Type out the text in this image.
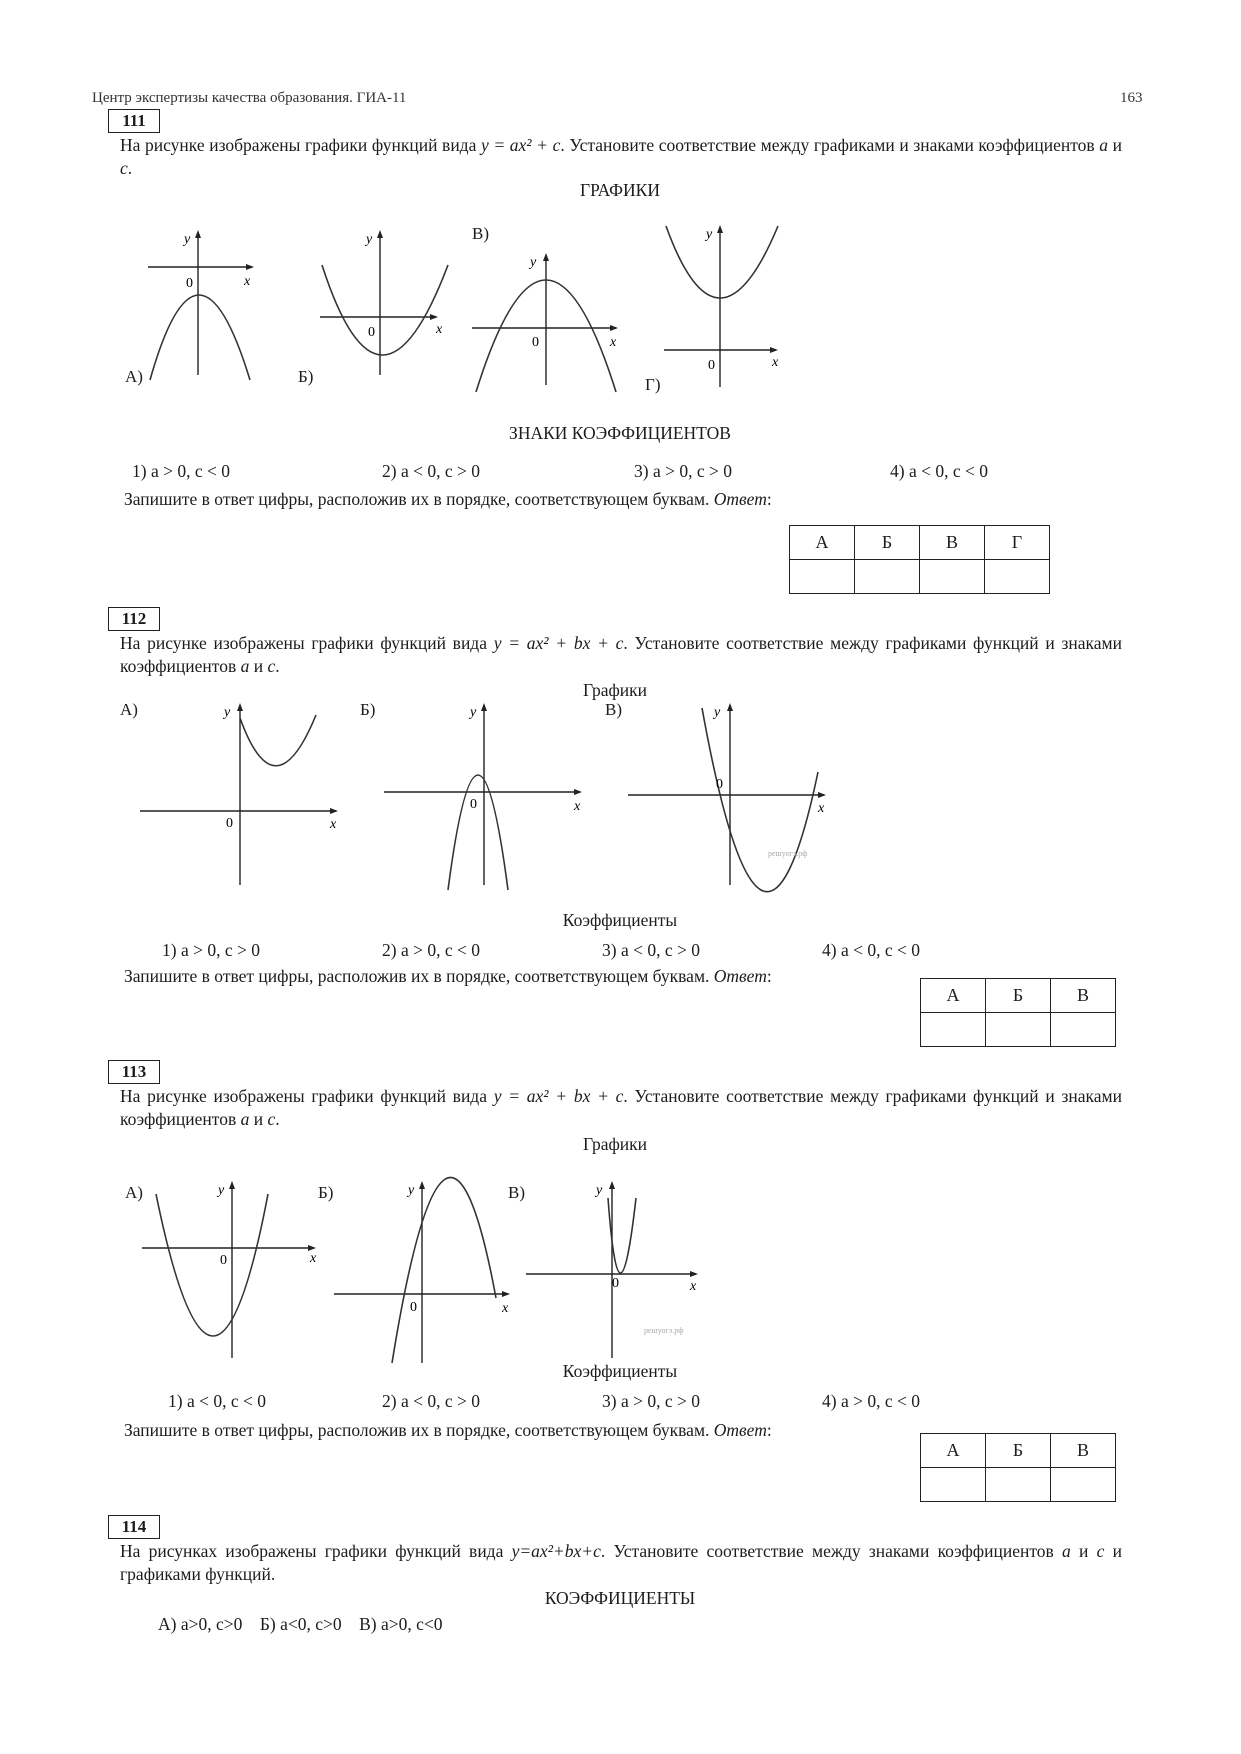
Центр экспертизы качества образования. ГИА-11	163
111
На рисунке изображены графики функций вида y = ax² + c. Установите соответствие между графиками и знаками коэффициентов a и c.
ГРАФИКИ
0	x
y
А)
0	x
y
Б)
0	x
y
В)
0	x
y
Г)
ЗНАКИ КОЭФФИЦИЕНТОВ
1) a > 0, c < 0	2) a < 0, c > 0	3) a > 0, c > 0	4) a < 0, c < 0
Запишите в ответ цифры, расположив их в порядке, соответствующем буквам. Ответ:
А	Б	В	Г

112
На рисунке изображены графики функций вида y = ax² + bx + c. Установите соответствие между графиками функций и знаками коэффициентов a и c.
Графики
А)
0	x
y	Б)
0	x
y	В)
0
x
y
решуогэ.рф
Коэффициенты
1) a > 0, c > 0	2) a > 0, c < 0	3) a < 0, c > 0	4) a < 0, c < 0
Запишите в ответ цифры, расположив их в порядке, соответствующем буквам. Ответ:
А	Б	В

113
На рисунке изображены графики функций вида y = ax² + bx + c. Установите соответствие между графиками функций и знаками коэффициентов a и c.
Графики
А)
0	x
y	Б)
0	x
y	В)
0	x
y
решуогэ.рф
Коэффициенты
1) a < 0, c < 0	2) a < 0, c > 0	3) a > 0, c > 0	4) a > 0, c < 0
Запишите в ответ цифры, расположив их в порядке, соответствующем буквам. Ответ:
А	Б	В

114
На рисунках изображены графики функций вида y=ax²+bx+c. Установите соответствие между знаками коэффициентов a и c и графиками функций.
КОЭФФИЦИЕНТЫ
А) a>0, c>0    Б) a<0, c>0    В) a>0, c<0
